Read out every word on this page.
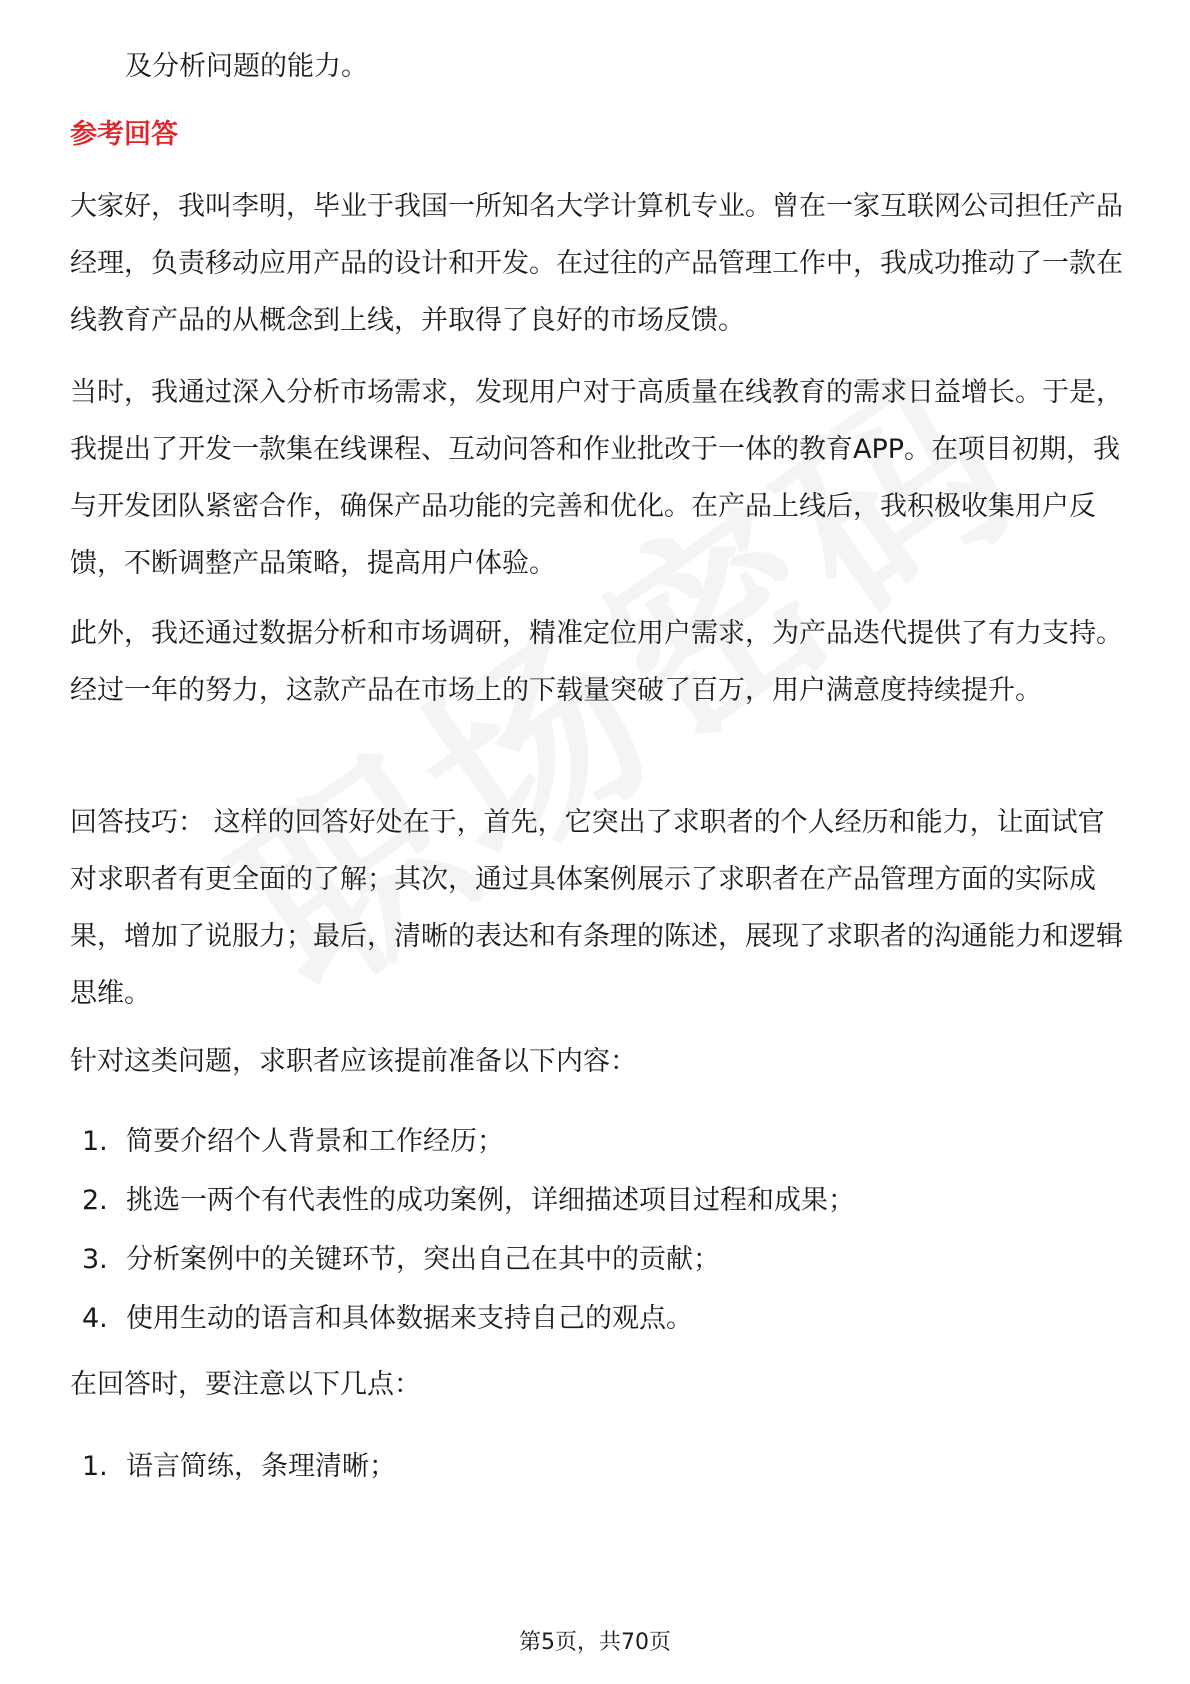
及分析问题的能力。

参考回答

大家好，我叫李明，毕业于我国一所知名大学计算机专业。曾在一家互联网公司担任产品经理，负责移动应用产品的设计和开发。在过往的产品管理工作中，我成功推动了一款在线教育产品的从概念到上线，并取得了良好的市场反馈。

当时，我通过深入分析市场需求，发现用户对于高质量在线教育的需求日益增长。于是，我提出了开发一款集在线课程、互动问答和作业批改于一体的教育APP。在项目初期，我与开发团队紧密合作，确保产品功能的完善和优化。在产品上线后，我积极收集用户反馈，不断调整产品策略，提高用户体验。

此外，我还通过数据分析和市场调研，精准定位用户需求，为产品迭代提供了有力支持。经过一年的努力，这款产品在市场上的下载量突破了百万，用户满意度持续提升。

回答技巧： 这样的回答好处在于，首先，它突出了求职者的个人经历和能力，让面试官对求职者有更全面的了解；其次，通过具体案例展示了求职者在产品管理方面的实际成果，增加了说服力；最后，清晰的表达和有条理的陈述，展现了求职者的沟通能力和逻辑思维。

针对这类问题，求职者应该提前准备以下内容：

1. 简要介绍个人背景和工作经历；
2. 挑选一两个有代表性的成功案例，详细描述项目过程和成果；
3. 分析案例中的关键环节，突出自己在其中的贡献；
4. 使用生动的语言和具体数据来支持自己的观点。

在回答时，要注意以下几点：

1. 语言简练，条理清晰；
第5页，共70页
